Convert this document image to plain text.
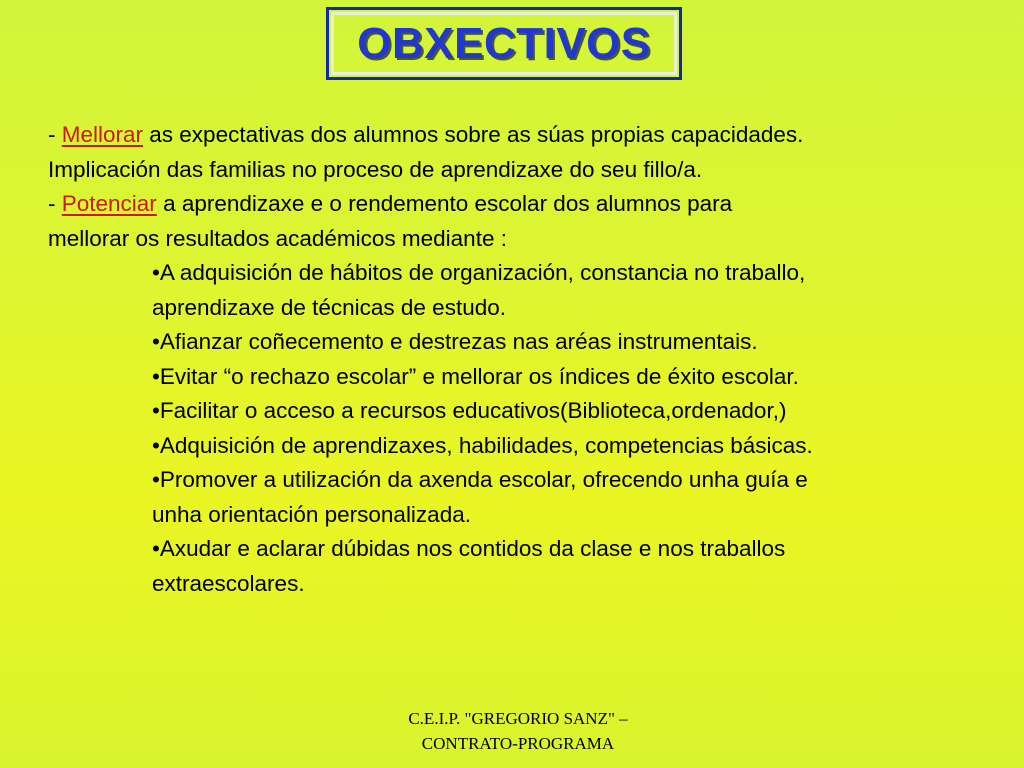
OBXECTIVOS

- Mellorar as expectativas dos alumnos sobre as súas propias capacidades.
Implicación das familias no proceso de aprendizaxe do seu fillo/a.

- Potenciar a aprendizaxe e o rendemento escolar dos alumnos para
mellorar os resultados académicos mediante :

•A adquisición de hábitos de organización, constancia no traballo,
aprendizaxe de técnicas de estudo.
•Afianzar coñecemento e destrezas nas aréas instrumentais.
•Evitar “o rechazo escolar” e mellorar os índices de éxito escolar.
•Facilitar o acceso a recursos educativos(Biblioteca,ordenador,)
•Adquisición de aprendizaxes, habilidades, competencias básicas.
•Promover a utilización da axenda escolar, ofrecendo unha guía e
unha orientación personalizada.
•Axudar e aclarar dúbidas nos contidos da clase e nos traballos
extraescolares.
C.E.I.P. "GREGORIO SANZ" –
CONTRATO-PROGRAMA
